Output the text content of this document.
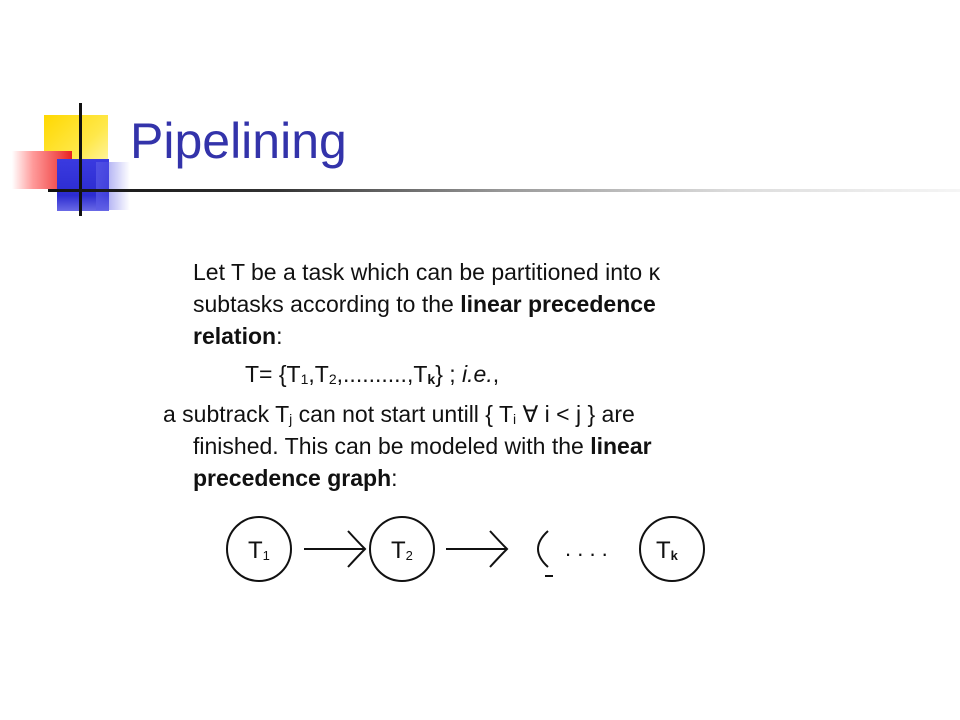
Pipelining
Let T be a task which can be partitioned into κ
subtasks according to the linear precedence
relation:
T= {T1,T2,..........,Tk} ; i.e.,
a subtrack Tj can not start untill { Ti ∀ i < j } are
finished. This can be modeled with the linear
precedence graph:
T1	T2	. . . . Tk
